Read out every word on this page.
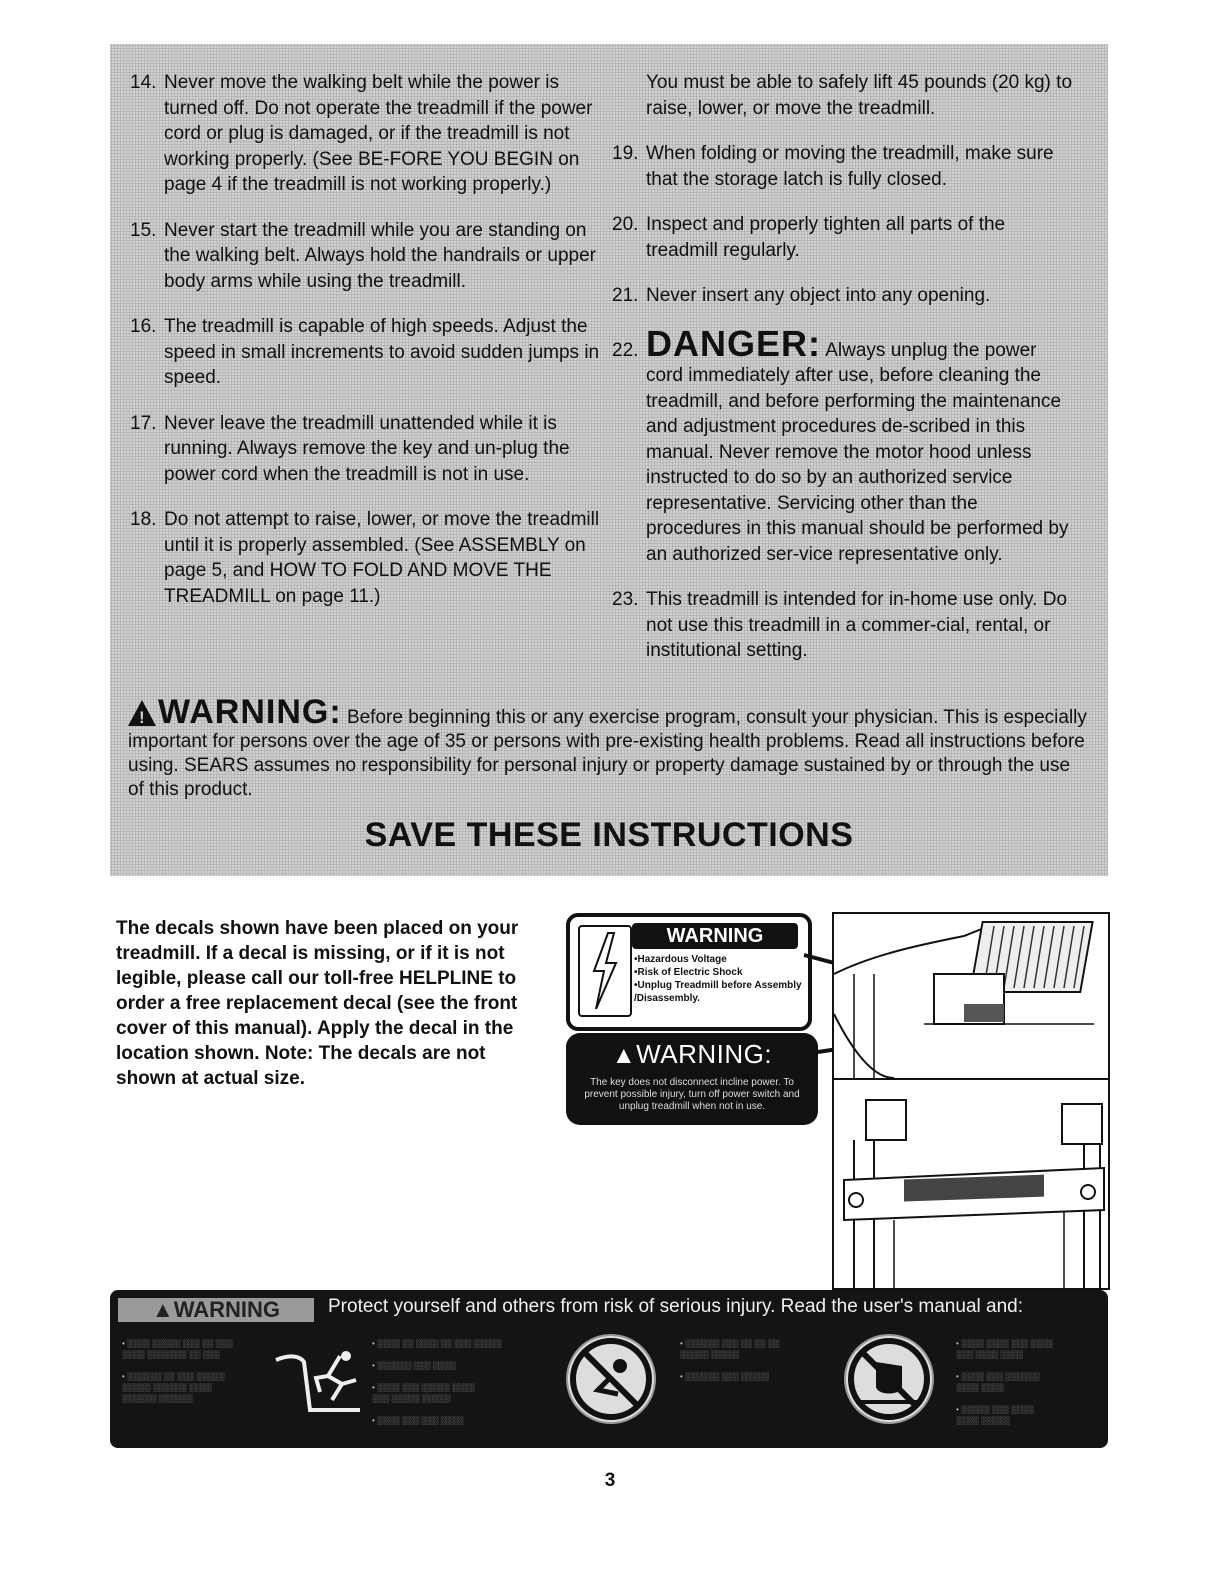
14. Never move the walking belt while the power is turned off. Do not operate the treadmill if the power cord or plug is damaged, or if the treadmill is not working properly. (See BE-FORE YOU BEGIN on page 4 if the treadmill is not working properly.)
15. Never start the treadmill while you are standing on the walking belt. Always hold the handrails or upper body arms while using the treadmill.
16. The treadmill is capable of high speeds. Adjust the speed in small increments to avoid sudden jumps in speed.
17. Never leave the treadmill unattended while it is running. Always remove the key and un-plug the power cord when the treadmill is not in use.
18. Do not attempt to raise, lower, or move the treadmill until it is properly assembled. (See ASSEMBLY on page 5, and HOW TO FOLD AND MOVE THE TREADMILL on page 11.)
You must be able to safely lift 45 pounds (20 kg) to raise, lower, or move the treadmill.
19. When folding or moving the treadmill, make sure that the storage latch is fully closed.
20. Inspect and properly tighten all parts of the treadmill regularly.
21. Never insert any object into any opening.
22. DANGER: Always unplug the power cord immediately after use, before cleaning the treadmill, and before performing the maintenance and adjustment procedures de-scribed in this manual. Never remove the motor hood unless instructed to do so by an authorized service representative. Servicing other than the procedures in this manual should be performed by an authorized ser-vice representative only.
23. This treadmill is intended for in-home use only. Do not use this treadmill in a commer-cial, rental, or institutional setting.
!WARNING: Before beginning this or any exercise program, consult your physician. This is especially important for persons over the age of 35 or persons with pre-existing health problems. Read all instructions before using. SEARS assumes no responsibility for personal injury or property damage sustained by or through the use of this product.
SAVE THESE INSTRUCTIONS
The decals shown have been placed on your treadmill. If a decal is missing, or if it is not legible, please call our toll-free HELPLINE to order a free replacement decal (see the front cover of this manual). Apply the decal in the location shown. Note: The decals are not shown at actual size.
WARNING
•Hazardous Voltage
•Risk of Electric Shock
•Unplug Treadmill before Assembly
/Disassembly.
▲WARNING:
The key does not disconnect incline power. To prevent possible injury, turn off power switch and unplug treadmill when not in use.
▲WARNING	Protect yourself and others from risk of serious injury. Read the user's manual and:
• ░░░░ ░░░░░ ░░░ ░░ ░░░
░░░░ ░░░░░░░ ░░ ░░░

• ░░░░░░ ░░ ░░░ ░░░░░
░░░░░ ░░░░░░ ░░░░
░░░░░░ ░░░░░░
• ░░░░ ░░ ░░░░ ░░ ░░░ ░░░░░

• ░░░░░░ ░░░ ░░░░

• ░░░░ ░░░ ░░░░░ ░░░░
░░░ ░░░░░ ░░░░░

• ░░░░ ░░░ ░░░ ░░░░
• ░░░░░░ ░░░ ░░ ░░ ░░
░░░░░ ░░░░░

• ░░░░░░ ░░░ ░░░░░
• ░░░░ ░░░░ ░░░ ░░░░
░░░ ░░░░ ░░░░

• ░░░░ ░░░ ░░░░░░
░░░░ ░░░░

• ░░░░░ ░░░ ░░░░
░░░░ ░░░░░
3
